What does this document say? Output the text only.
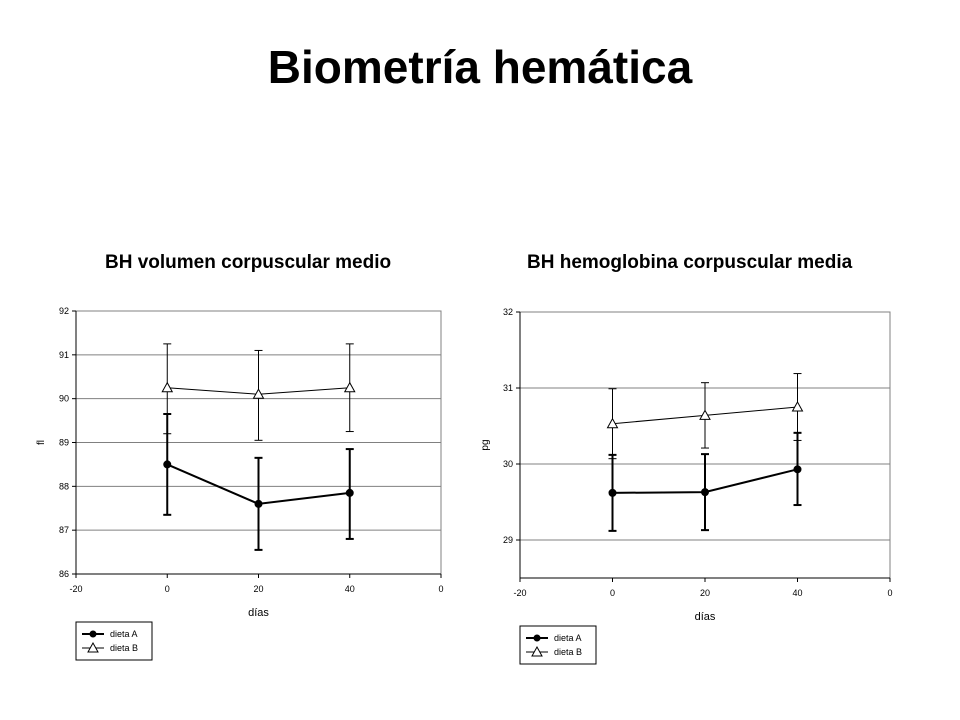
Biometría hemática
BH volumen corpuscular medio
86
87
88
89
90
91
92
-20	0	20	40	0
días
fl
dieta A
dieta B
BH hemoglobina corpuscular media
29
30
31
32
-20	0	20	40	0
días
pg
dieta A
dieta B
